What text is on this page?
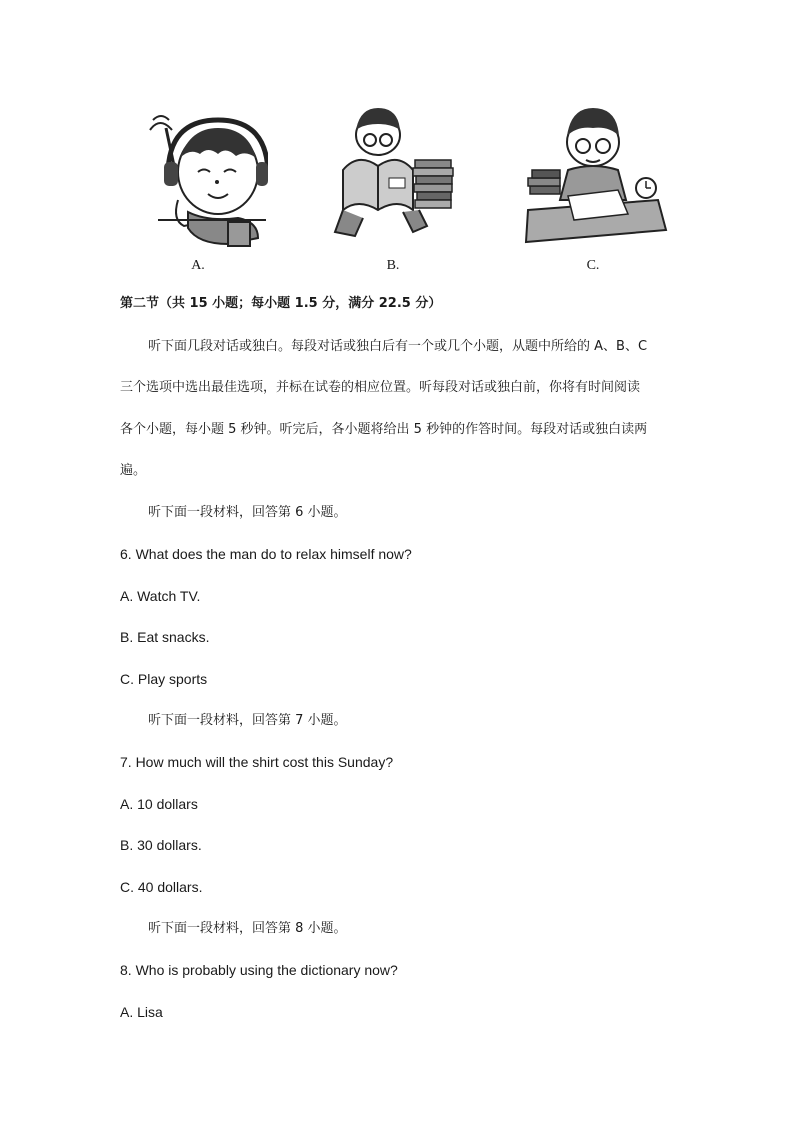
A.	B.	C.
第二节（共 15 小题；每小题 1.5 分，满分 22.5 分）
听下面几段对话或独白。每段对话或独白后有一个或几个小题，从题中所给的 A、B、C
三个选项中选出最佳选项，并标在试卷的相应位置。听每段对话或独白前，你将有时间阅读
各个小题，每小题 5 秒钟。听完后，各小题将给出 5 秒钟的作答时间。每段对话或独白读两
遍。
听下面一段材料，回答第 6 小题。
6. What does the man do to relax himself now?
A. Watch TV.
B. Eat snacks.
C. Play sports
听下面一段材料，回答第 7 小题。
7. How much will the shirt cost this Sunday?
A. 10 dollars
B. 30 dollars.
C. 40 dollars.
听下面一段材料，回答第 8 小题。
8. Who is probably using the dictionary now?
A. Lisa
